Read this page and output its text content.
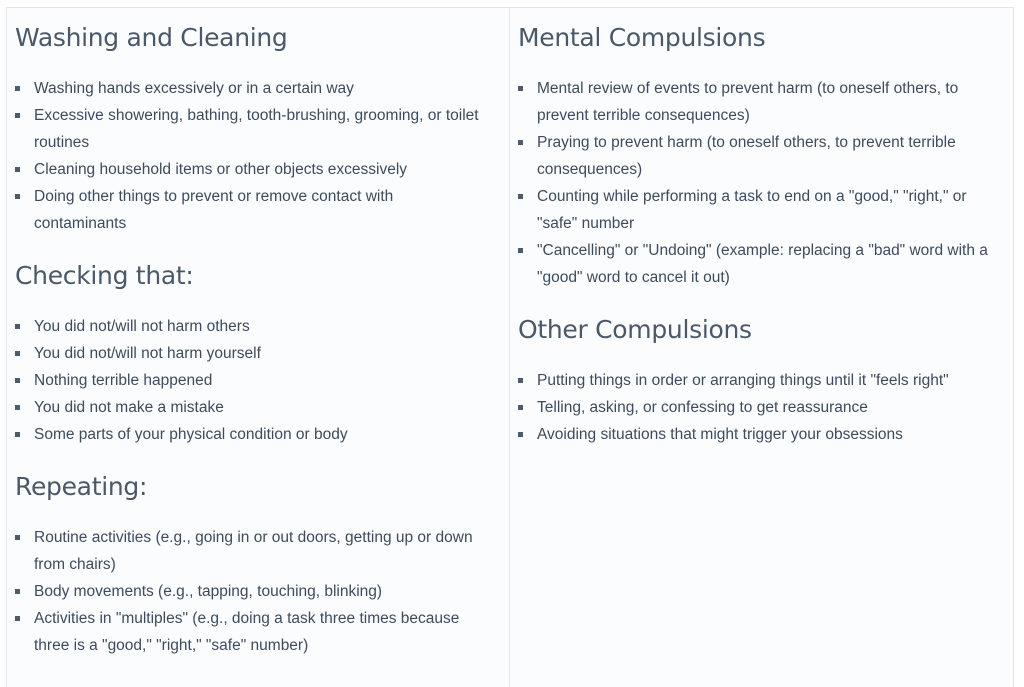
Washing and Cleaning
Washing hands excessively or in a certain way
Excessive showering, bathing, tooth-brushing, grooming, or toilet routines
Cleaning household items or other objects excessively
Doing other things to prevent or remove contact with contaminants
Checking that:
You did not/will not harm others
You did not/will not harm yourself
Nothing terrible happened
You did not make a mistake
Some parts of your physical condition or body
Repeating:
Routine activities (e.g., going in or out doors, getting up or down from chairs)
Body movements (e.g., tapping, touching, blinking)
Activities in "multiples" (e.g., doing a task three times because three is a "good," "right," "safe" number)
Mental Compulsions
Mental review of events to prevent harm (to oneself others, to prevent terrible consequences)
Praying to prevent harm (to oneself others, to prevent terrible consequences)
Counting while performing a task to end on a "good," "right," or "safe" number
"Cancelling" or "Undoing" (example: replacing a "bad" word with a "good" word to cancel it out)
Other Compulsions
Putting things in order or arranging things until it "feels right"
Telling, asking, or confessing to get reassurance
Avoiding situations that might trigger your obsessions
